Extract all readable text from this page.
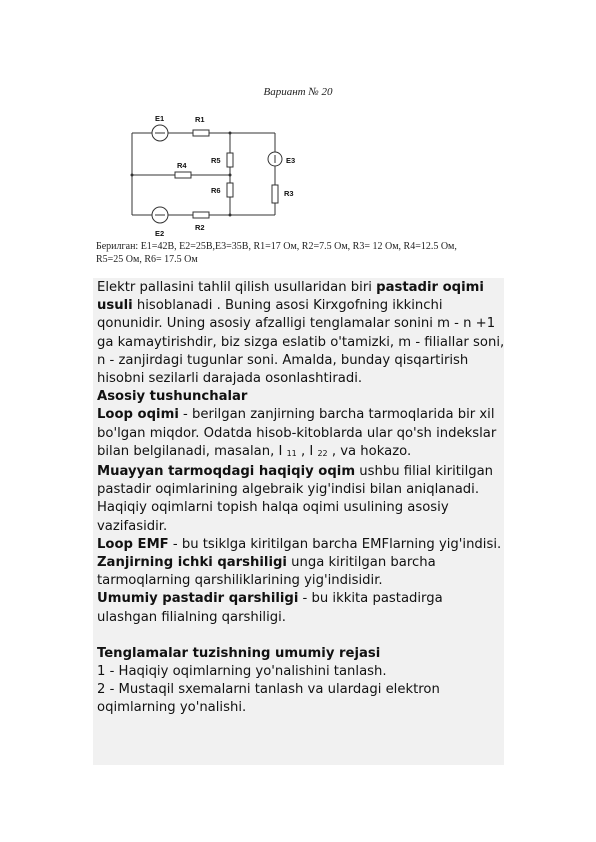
Вариант № 20
E1	R1
R5
R4
E3
R6	R3
R2
E2
Берилган: E1=42В, E2=25В,E3=35В, R1=17 Ом, R2=7.5 Ом, R3= 12 Ом, R4=12.5 Ом,
R5=25 Ом, R6= 17.5 Ом

Elektr pallasini tahlil qilish usullaridan biri pastadir oqimi usuli hisoblanadi . Buning asosi Kirxgofning ikkinchi qonunidir. Uning asosiy afzalligi tenglamalar sonini m - n +1 ga kamaytirishdir, biz sizga eslatib o'tamizki, m - filiallar soni, n - zanjirdagi tugunlar soni. Amalda, bunday qisqartirish hisobni sezilarli darajada osonlashtiradi.

Asosiy tushunchalar

Loop oqimi - berilgan zanjirning barcha tarmoqlarida bir xil bo'lgan miqdor. Odatda hisob-kitoblarda ular qo'sh indekslar bilan belgilanadi, masalan, I $_{11}$ , I $_{22}$ , va hokazo.

Muayyan tarmoqdagi haqiqiy oqim ushbu filial kiritilgan pastadir oqimlarining algebraik yig'indisi bilan aniqlanadi. Haqiqiy oqimlarni topish halqa oqimi usulining asosiy vazifasidir.

Loop EMF - bu tsiklga kiritilgan barcha EMFlarning yig'indisi.

Zanjirning ichki qarshiligi unga kiritilgan barcha tarmoqlarning qarshiliklarining yig'indisidir.

Umumiy pastadir qarshiligi - bu ikkita pastadirga ulashgan filialning qarshiligi.

Tenglamalar tuzishning umumiy rejasi

1 - Haqiqiy oqimlarning yo'nalishini tanlash.

2 - Mustaqil sxemalarni tanlash va ulardagi elektron oqimlarning yo'nalishi.
